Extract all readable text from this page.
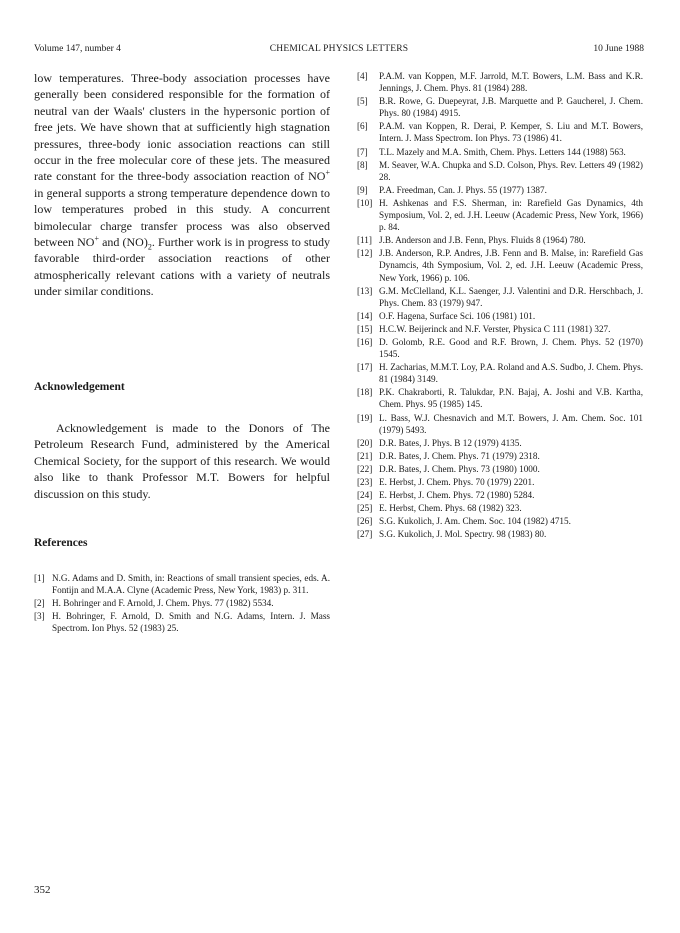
Volume 147, number 4	CHEMICAL PHYSICS LETTERS	10 June 1988

low temperatures. Three-body association processes have generally been considered responsible for the formation of neutral van der Waals' clusters in the hypersonic portion of free jets. We have shown that at sufficiently high stagnation pressures, three-body ionic association reactions can still occur in the free molecular core of these jets. The measured rate constant for the three-body association reaction of NO+ in general supports a strong temperature dependence down to low temperatures probed in this study. A concurrent bimolecular charge transfer process was also observed between NO+ and $(NO)_2$. Further work is in progress to study favorable third-order association reactions of other atmospherically relevant cations with a variety of neutrals under similar conditions.

Acknowledgement

Acknowledgement is made to the Donors of The Petroleum Research Fund, administered by the Americal Chemical Society, for the support of this research. We would also like to thank Professor M.T. Bowers for helpful discussion on this study.

References

[1] N.G. Adams and D. Smith, in: Reactions of small transient species, eds. A. Fontijn and M.A.A. Clyne (Academic Press, New York, 1983) p. 311.

[2] H. Bohringer and F. Arnold, J. Chem. Phys. 77 (1982) 5534.

[3] H. Bohringer, F. Arnold, D. Smith and N.G. Adams, Intern. J. Mass Spectrom. Ion Phys. 52 (1983) 25.

[4] P.A.M. van Koppen, M.F. Jarrold, M.T. Bowers, L.M. Bass and K.R. Jennings, J. Chem. Phys. 81 (1984) 288.

[5] B.R. Rowe, G. Duepeyrat, J.B. Marquette and P. Gaucherel, J. Chem. Phys. 80 (1984) 4915.

[6] P.A.M. van Koppen, R. Derai, P. Kemper, S. Liu and M.T. Bowers, Intern. J. Mass Spectrom. Ion Phys. 73 (1986) 41.

[7] T.L. Mazely and M.A. Smith, Chem. Phys. Letters 144 (1988) 563.

[8] M. Seaver, W.A. Chupka and S.D. Colson, Phys. Rev. Letters 49 (1982) 28.

[9] P.A. Freedman, Can. J. Phys. 55 (1977) 1387.

[10] H. Ashkenas and F.S. Sherman, in: Rarefield Gas Dynamics, 4th Symposium, Vol. 2, ed. J.H. Leeuw (Academic Press, New York, 1966) p. 84.

[11] J.B. Anderson and J.B. Fenn, Phys. Fluids 8 (1964) 780.

[12] J.B. Anderson, R.P. Andres, J.B. Fenn and B. Malse, in: Rarefield Gas Dynamcis, 4th Symposium, Vol. 2, ed. J.H. Leeuw (Academic Press, New York, 1966) p. 106.

[13] G.M. McClelland, K.L. Saenger, J.J. Valentini and D.R. Herschbach, J. Phys. Chem. 83 (1979) 947.

[14] O.F. Hagena, Surface Sci. 106 (1981) 101.

[15] H.C.W. Beijerinck and N.F. Verster, Physica C 111 (1981) 327.

[16] D. Golomb, R.E. Good and R.F. Brown, J. Chem. Phys. 52 (1970) 1545.

[17] H. Zacharias, M.M.T. Loy, P.A. Roland and A.S. Sudbo, J. Chem. Phys. 81 (1984) 3149.

[18] P.K. Chakraborti, R. Talukdar, P.N. Bajaj, A. Joshi and V.B. Kartha, Chem. Phys. 95 (1985) 145.

[19] L. Bass, W.J. Chesnavich and M.T. Bowers, J. Am. Chem. Soc. 101 (1979) 5493.

[20] D.R. Bates, J. Phys. B 12 (1979) 4135.

[21] D.R. Bates, J. Chem. Phys. 71 (1979) 2318.

[22] D.R. Bates, J. Chem. Phys. 73 (1980) 1000.

[23] E. Herbst, J. Chem. Phys. 70 (1979) 2201.

[24] E. Herbst, J. Chem. Phys. 72 (1980) 5284.

[25] E. Herbst, Chem. Phys. 68 (1982) 323.

[26] S.G. Kukolich, J. Am. Chem. Soc. 104 (1982) 4715.

[27] S.G. Kukolich, J. Mol. Spectry. 98 (1983) 80.

352
